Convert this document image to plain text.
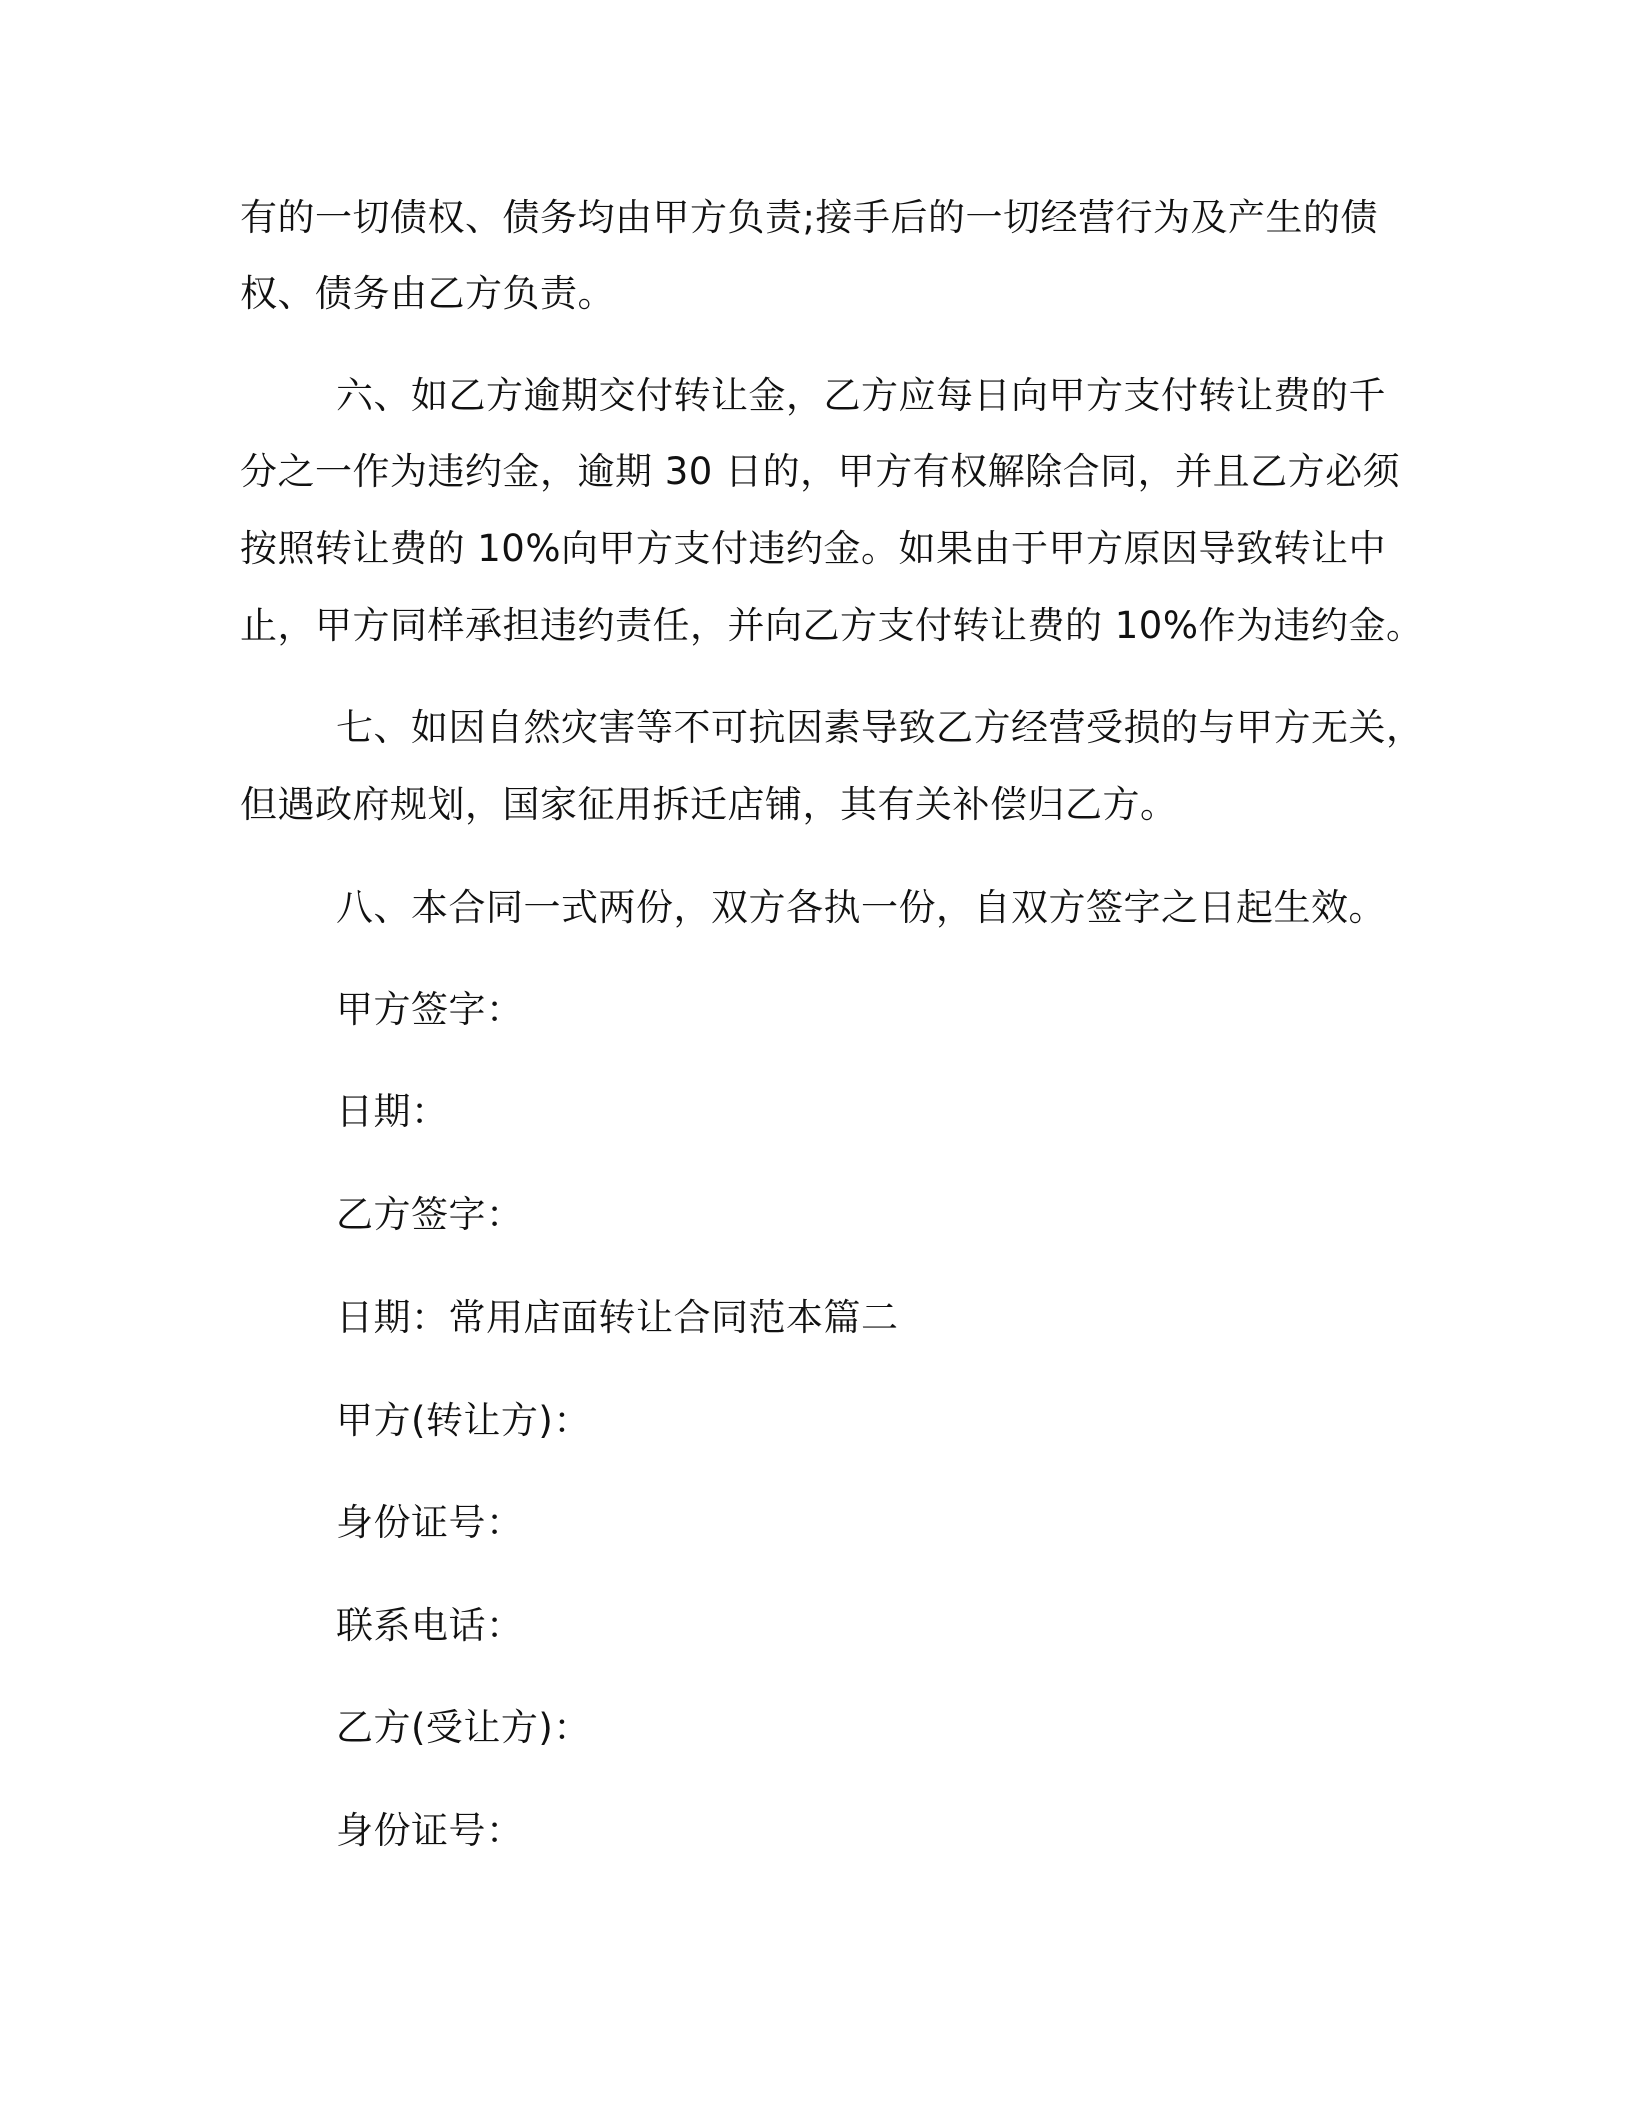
有的一切债权、债务均由甲方负责;接手后的一切经营行为及产生的债
权、债务由乙方负责。
六、如乙方逾期交付转让金，乙方应每日向甲方支付转让费的千
分之一作为违约金，逾期 30 日的，甲方有权解除合同，并且乙方必须
按照转让费的 10%向甲方支付违约金。如果由于甲方原因导致转让中
止，甲方同样承担违约责任，并向乙方支付转让费的 10%作为违约金。
七、如因自然灾害等不可抗因素导致乙方经营受损的与甲方无关，
但遇政府规划，国家征用拆迁店铺，其有关补偿归乙方。
八、本合同一式两份，双方各执一份，自双方签字之日起生效。
甲方签字：
日期：
乙方签字：
日期：常用店面转让合同范本篇二
甲方(转让方)：
身份证号：
联系电话：
乙方(受让方)：
身份证号：
